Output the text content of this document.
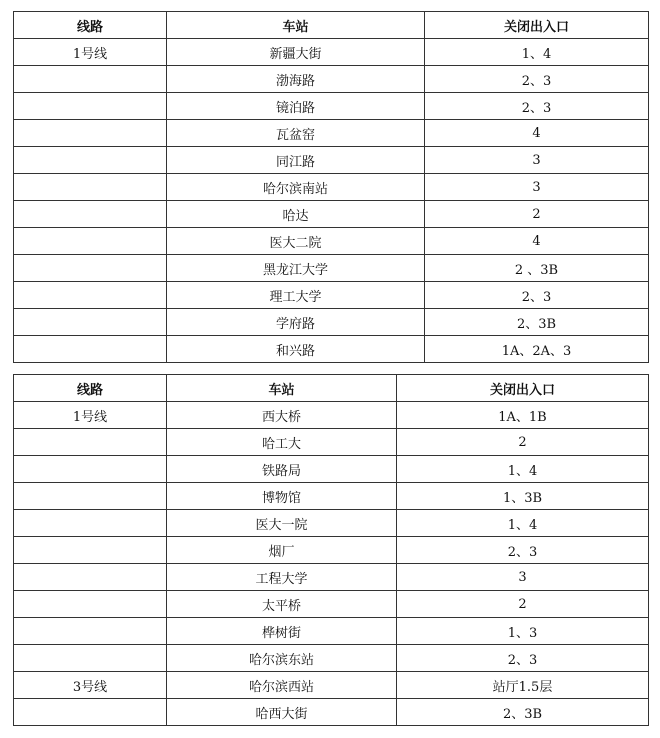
线路	车站	关闭出入口
1号线	新疆大街	1、4
	渤海路	2、3
	镜泊路	2、3
	瓦盆窑	4
	同江路	3
	哈尔滨南站	3
	哈达	2
	医大二院	4
	黑龙江大学	2 、3B
	理工大学	2、3
	学府路	2、3B
	和兴路	1A、2A、3
线路	车站	关闭出入口
1号线	西大桥	1A、1B
	哈工大	2
	铁路局	1、4
	博物馆	1、3B
	医大一院	1、4
	烟厂	2、3
	工程大学	3
	太平桥	2
	桦树街	1、3
	哈尔滨东站	2、3
3号线	哈尔滨西站	站厅1.5层
	哈西大街	2、3B
